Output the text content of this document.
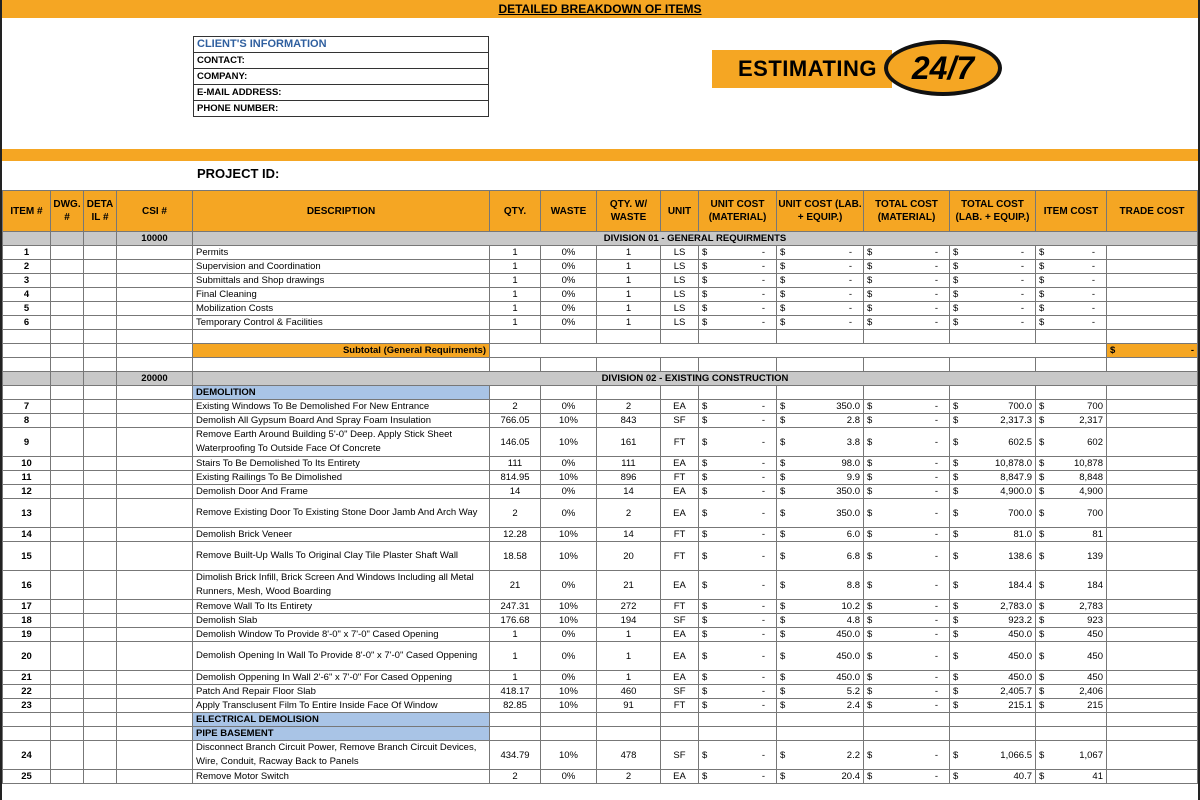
DETAILED BREAKDOWN OF ITEMS
CLIENT'S INFORMATION
CONTACT:
COMPANY:
E-MAIL ADDRESS:
PHONE NUMBER:
ESTIMATING	24/7
PROJECT ID:
ITEM #	DWG. #	DETA IL #	CSI #	DESCRIPTION	QTY.	WASTE	QTY. W/ WASTE	UNIT	UNIT COST (MATERIAL)	UNIT COST (LAB. + EQUIP.)	TOTAL COST (MATERIAL)	TOTAL COST (LAB. + EQUIP.)	ITEM COST	TRADE COST
			10000	DIVISION 01 - GENERAL REQUIRMENTS										
1				Permits	1	0%	1	LS	$ -	$ -	$ -	$ -	$ -	

2				Supervision and Coordination	1	0%	1	LS	$ -	$ -	$ -	$ -	$ -	

3				Submittals and Shop drawings	1	0%	1	LS	$ -	$ -	$ -	$ -	$ -	

4				Final Cleaning	1	0%	1	LS	$ -	$ -	$ -	$ -	$ -	

5				Mobilization Costs	1	0%	1	LS	$ -	$ -	$ -	$ -	$ -	

6				Temporary Control & Facilities	1	0%	1	LS	$ -	$ -	$ -	$ -	$ -	

				Subtotal (General Requirments)										$ -

			20000	DIVISION 02 - EXISTING CONSTRUCTION										
				DEMOLITION										
7				Existing Windows To Be Demolished For New Entrance	2	0%	2	EA	$ -	$ 350.0	$ -	$ 700.0	$ 700	

8				Demolish All Gypsum Board And Spray Foam Insulation	766.05	10%	843	SF	$ -	$ 2.8	$ -	$ 2,317.3	$ 2,317	

9				Remove Earth Around Building 5'-0" Deep. Apply Stick Sheet Waterproofing To Outside Face Of Concrete	146.05	10%	161	FT	$ -	$ 3.8	$ -	$ 602.5	$ 602	

10				Stairs To Be Demolished To Its Entirety	111	0%	111	EA	$ -	$ 98.0	$ -	$ 10,878.0	$ 10,878	

11				Existing Railings To Be Dimolished	814.95	10%	896	FT	$ -	$ 9.9	$ -	$ 8,847.9	$ 8,848	

12				Demolish Door And Frame	14	0%	14	EA	$ -	$ 350.0	$ -	$ 4,900.0	$ 4,900	

13				Remove Existing Door To Existing Stone Door Jamb And Arch Way	2	0%	2	EA	$ -	$ 350.0	$ -	$ 700.0	$ 700	

14				Demolish Brick Veneer	12.28	10%	14	FT	$ -	$ 6.0	$ -	$ 81.0	$ 81	

15				Remove Built-Up Walls To Original Clay Tile Plaster Shaft Wall	18.58	10%	20	FT	$ -	$ 6.8	$ -	$ 138.6	$ 139	

16				Dimolish Brick Infill, Brick Screen And Windows Including all Metal Runners, Mesh, Wood Boarding	21	0%	21	EA	$ -	$ 8.8	$ -	$ 184.4	$ 184	

17				Remove Wall To Its Entirety	247.31	10%	272	FT	$ -	$ 10.2	$ -	$ 2,783.0	$ 2,783	

18				Demolish Slab	176.68	10%	194	SF	$ -	$ 4.8	$ -	$ 923.2	$ 923	

19				Demolish Window To Provide 8'-0" x 7'-0" Cased Opening	1	0%	1	EA	$ -	$ 450.0	$ -	$ 450.0	$ 450	

20				Demolish Opening In Wall To Provide 8'-0" x 7'-0" Cased Oppening	1	0%	1	EA	$ -	$ 450.0	$ -	$ 450.0	$ 450	

21				Demolish Oppening In Wall 2'-6" x 7'-0" For Cased Oppening	1	0%	1	EA	$ -	$ 450.0	$ -	$ 450.0	$ 450	

22				Patch And Repair Floor Slab	418.17	10%	460	SF	$ -	$ 5.2	$ -	$ 2,405.7	$ 2,406	

23				Apply Transclusent Film To Entire Inside Face Of Window	82.85	10%	91	FT	$ -	$ 2.4	$ -	$ 215.1	$ 215	

				ELECTRICAL DEMOLISION										
				PIPE BASEMENT										
24				Disconnect Branch Circuit Power, Remove Branch Circuit Devices, Wire, Conduit, Racway Back to Panels	434.79	10%	478	SF	$ -	$ 2.2	$ -	$ 1,066.5	$ 1,067	

25				Remove Motor Switch	2	0%	2	EA	$ -	$ 20.4	$ -	$ 40.7	$ 41	
